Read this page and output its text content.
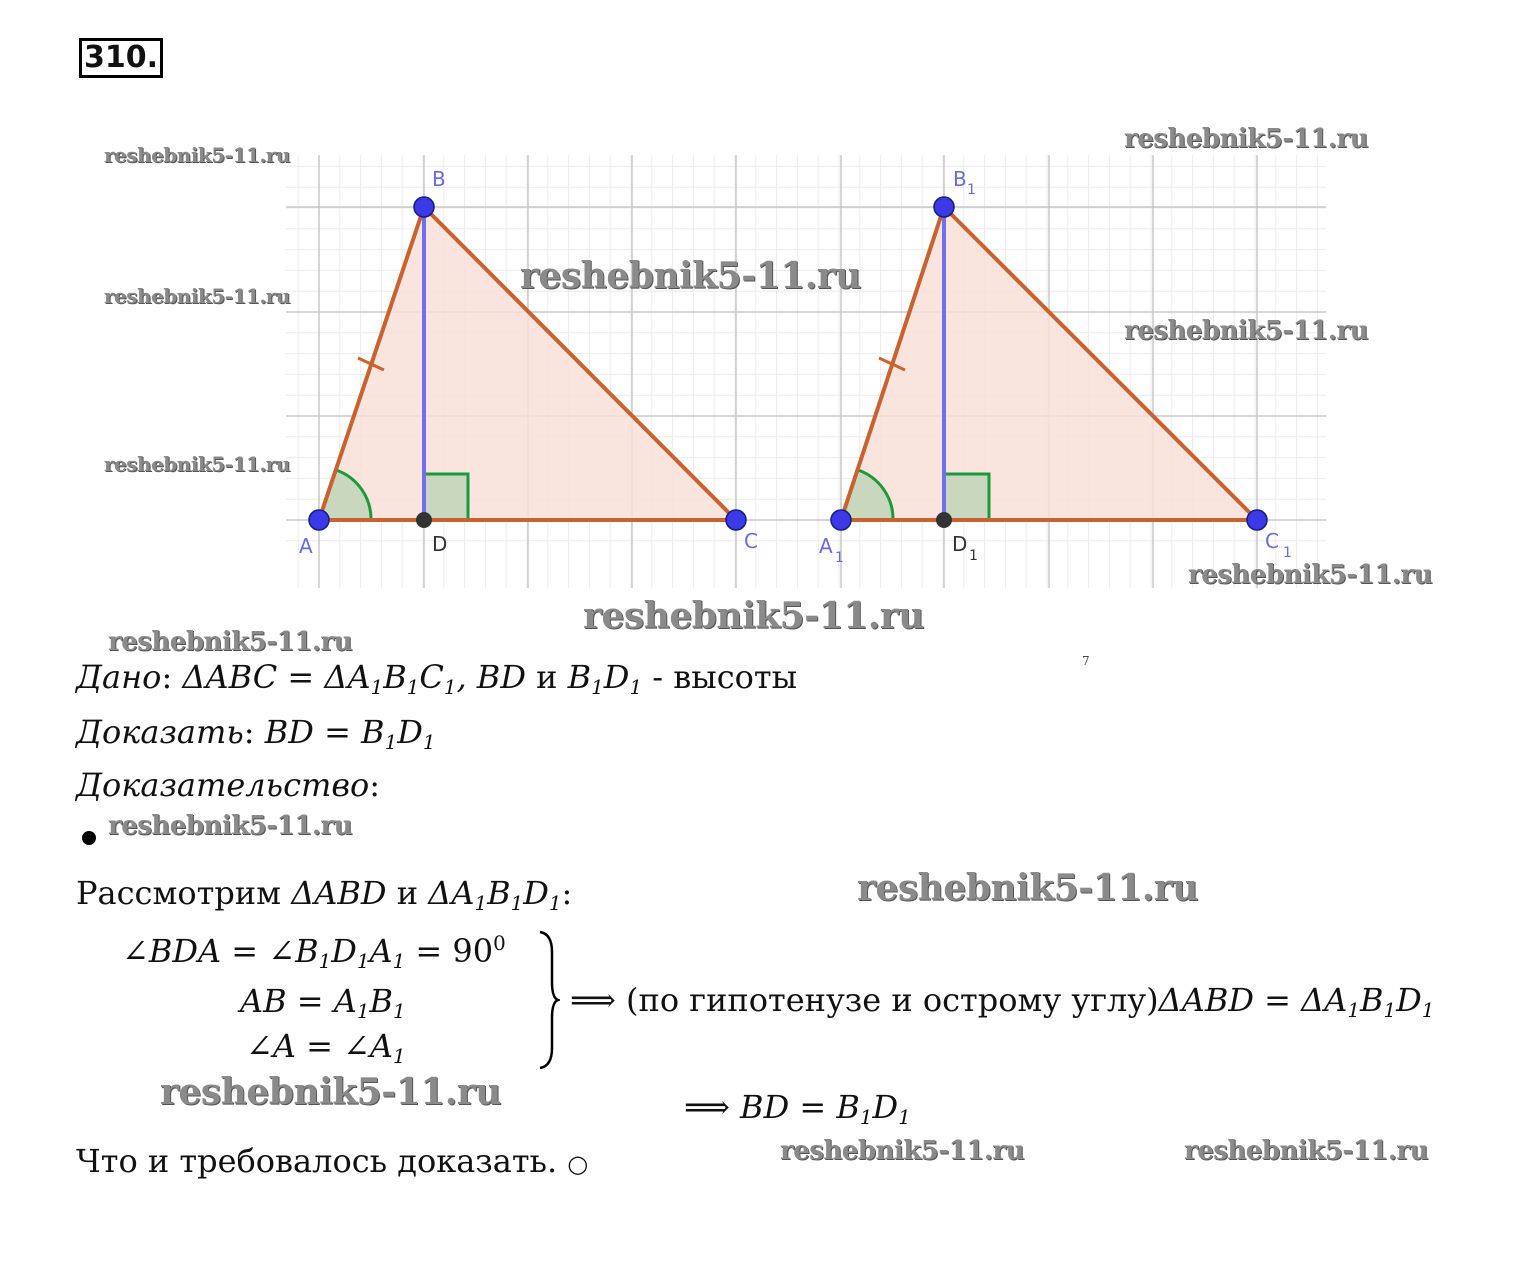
310.
A
B
C
D	A 1
B 1
C 1
D 1
reshebnik5-11.ru
reshebnik5-11.ru
reshebnik5-11.ru
reshebnik5-11.ru
reshebnik5-11.ru
reshebnik5-11.ru
reshebnik5-11.ru
reshebnik5-11.ru
reshebnik5-11.ru
reshebnik5-11.ru
reshebnik5-11.ru
reshebnik5-11.ru
reshebnik5-11.ru	reshebnik5-11.ru
7
Дано: $\Delta ABC = \Delta A_1B_1C_1$, BD и $B_1D_1$ - высоты
Доказать: BD = $B_1D_1$
Доказательство:
Рассмотрим ΔABD и $\Delta A_1B_1D_1$:
∠BDA = $\angle B_1D_1A_1 = 90^0$
AB = $A_1B_1$
∠A = $\angle A_1$
⟹ (по гипотенузе и острому углу)ΔABD = $\Delta A_1B_1D_1$
⟹ BD = $B_1D_1$
Что и требовалось доказать. ○
